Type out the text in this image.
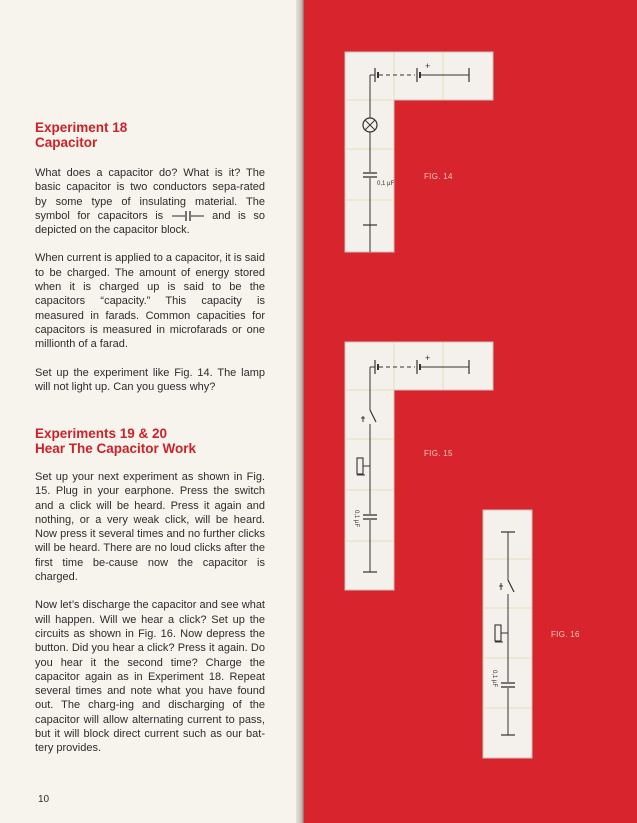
Experiment 18
Capacitor

What does a capacitor do? What is it? The basic capacitor is two conductors sepa-rated by some type of insulating material. The symbol for capacitors is	and is so depicted on the capacitor block.

When current is applied to a capacitor, it is said to be charged. The amount of energy stored when it is charged up is said to be the capacitors “capacity.” This capacity is measured in farads. Common capacities for capacitors is measured in microfarads or one millionth of a farad.

Set up the experiment like Fig. 14. The lamp will not light up. Can you guess why?

Experiments 19 & 20
Hear The Capacitor Work

Set up your next experiment as shown in Fig. 15. Plug in your earphone. Press the switch and a click will be heard. Press it again and nothing, or a very weak click, will be heard. Now press it several times and no further clicks will be heard. There are no loud clicks after the first time be-cause now the capacitor is charged.

Now let’s discharge the capacitor and see what will happen. Will we hear a click? Set up the circuits as shown in Fig. 16. Now depress the button. Did you hear a click? Press it again. Do you hear it the second time? Charge the capacitor again as in Experiment 18. Repeat several times and note what you have found out. The charg-ing and discharging of the capacitor will allow alternating current to pass, but it will block direct current such as our bat-tery provides.

10
+
0,1 µF
FIG. 14
+
0,1 µF
FIG. 15
0,1 µF
FIG. 16
